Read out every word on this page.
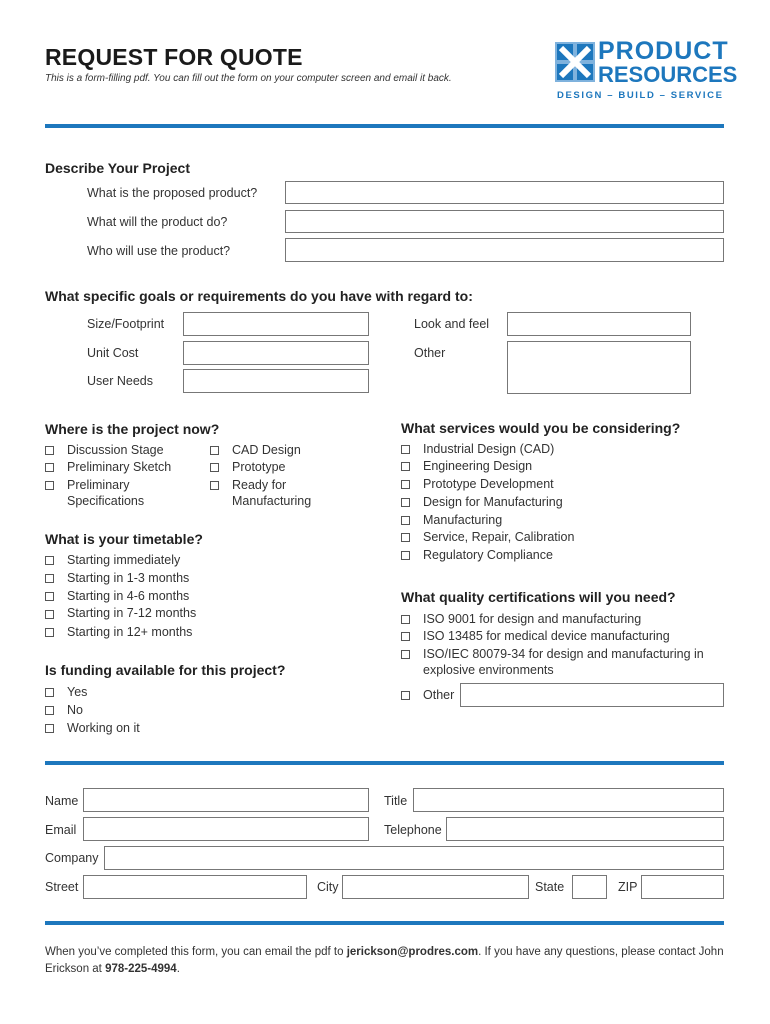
REQUEST FOR QUOTE
This is a form-filling pdf. You can fill out the form on your computer screen and email it back.
PRODUCT
RESOURCES
DESIGN – BUILD – SERVICE
Describe Your Project
What is the proposed product?
What will the product do?
Who will use the product?
What specific goals or requirements do you have with regard to:
Size/Footprint
Unit Cost
User Needs
Look and feel
Other
Where is the project now?
Discussion Stage
Preliminary Sketch
Preliminary Specifications
CAD Design
Prototype
Ready for Manufacturing
What is your timetable?
Starting immediately
Starting in 1-3 months
Starting in 4-6 months
Starting in 7-12 months
Starting in 12+ months
Is funding available for this project?
Yes
No
Working on it
What services would you be considering?
Industrial Design (CAD)
Engineering Design
Prototype Development
Design for Manufacturing
Manufacturing
Service, Repair, Calibration
Regulatory Compliance
What quality certifications will you need?
ISO 9001 for design and manufacturing
ISO 13485 for medical device manufacturing
ISO/IEC 80079-34 for design and manufacturing in explosive environments
Other
Name	Title
Email	Telephone
Company
Street	City	State	ZIP
When you’ve completed this form, you can email the pdf to jerickson@prodres.com. If you have any questions, please contact John Erickson at 978-225-4994.
